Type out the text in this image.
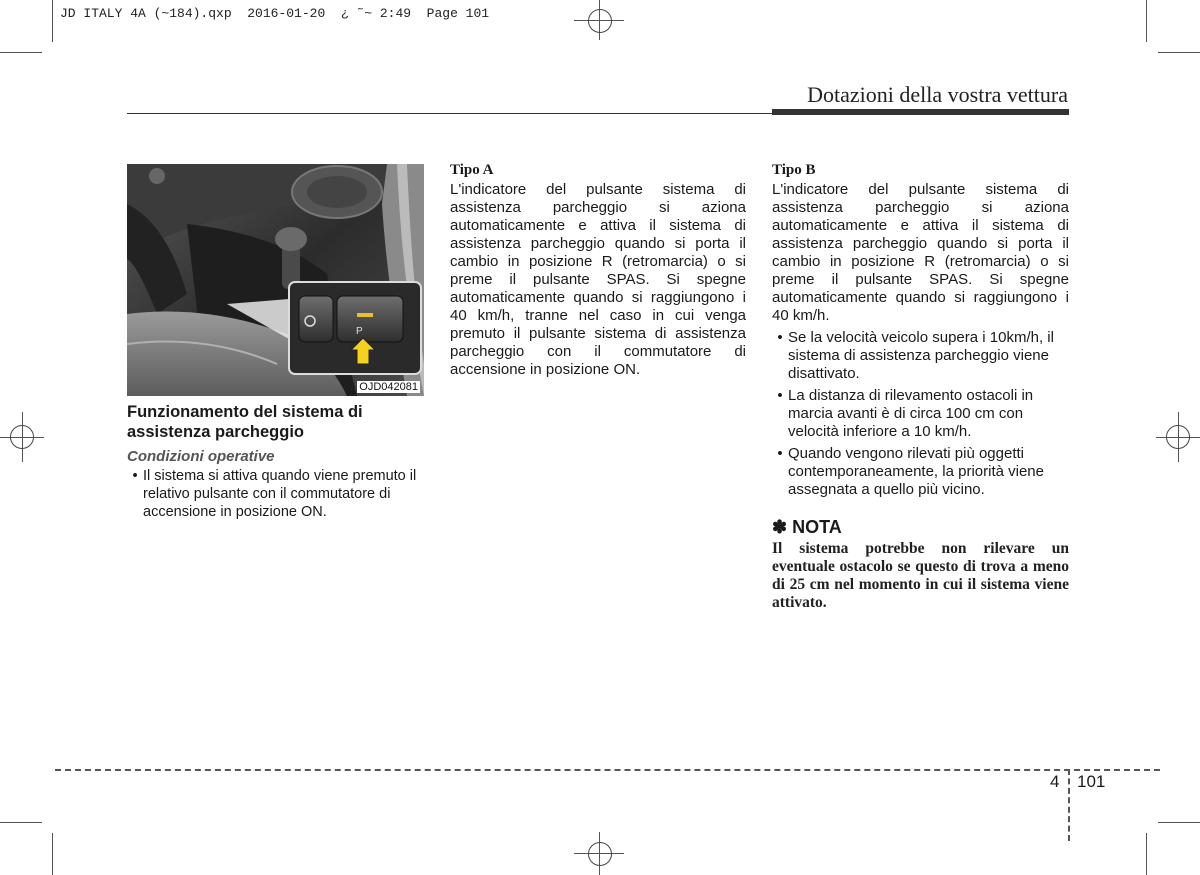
JD ITALY 4A (~184).qxp  2016-01-20  ¿ ˜~ 2:49  Page 101
Dotazioni della vostra vettura
P
OJD042081
Funzionamento del sistema di assistenza parcheggio
Condizioni operative
• Il sistema si attiva quando viene premuto il relativo pulsante con il commutatore di accensione in posizione ON.
Tipo A

L'indicatore del pulsante sistema di assistenza parcheggio si aziona automaticamente e attiva il sistema di assistenza parcheggio quando si porta il cambio in posizione R (retromarcia) o si preme il pulsante SPAS. Si spegne automaticamente quando si raggiungono i 40 km/h, tranne nel caso in cui venga premuto il pulsante sistema di assistenza parcheggio con il commutatore di accensione in posizione ON.

Tipo B

L'indicatore del pulsante sistema di assistenza parcheggio si aziona automaticamente e attiva il sistema di assistenza parcheggio quando si porta il cambio in posizione R (retromarcia) o si preme il pulsante SPAS. Si spegne automaticamente quando si raggiungono i 40 km/h.

• Se la velocità veicolo supera i 10km/h, il sistema di assistenza parcheggio viene disattivato.
• La distanza di rilevamento ostacoli in marcia avanti è di circa 100 cm con velocità inferiore a 10 km/h.
• Quando vengono rilevati più oggetti contemporaneamente, la priorità viene assegnata a quello più vicino.
✽ NOTA

Il sistema potrebbe non rilevare un eventuale ostacolo se questo di trova a meno di 25 cm nel momento in cui il sistema viene attivato.

4 101
